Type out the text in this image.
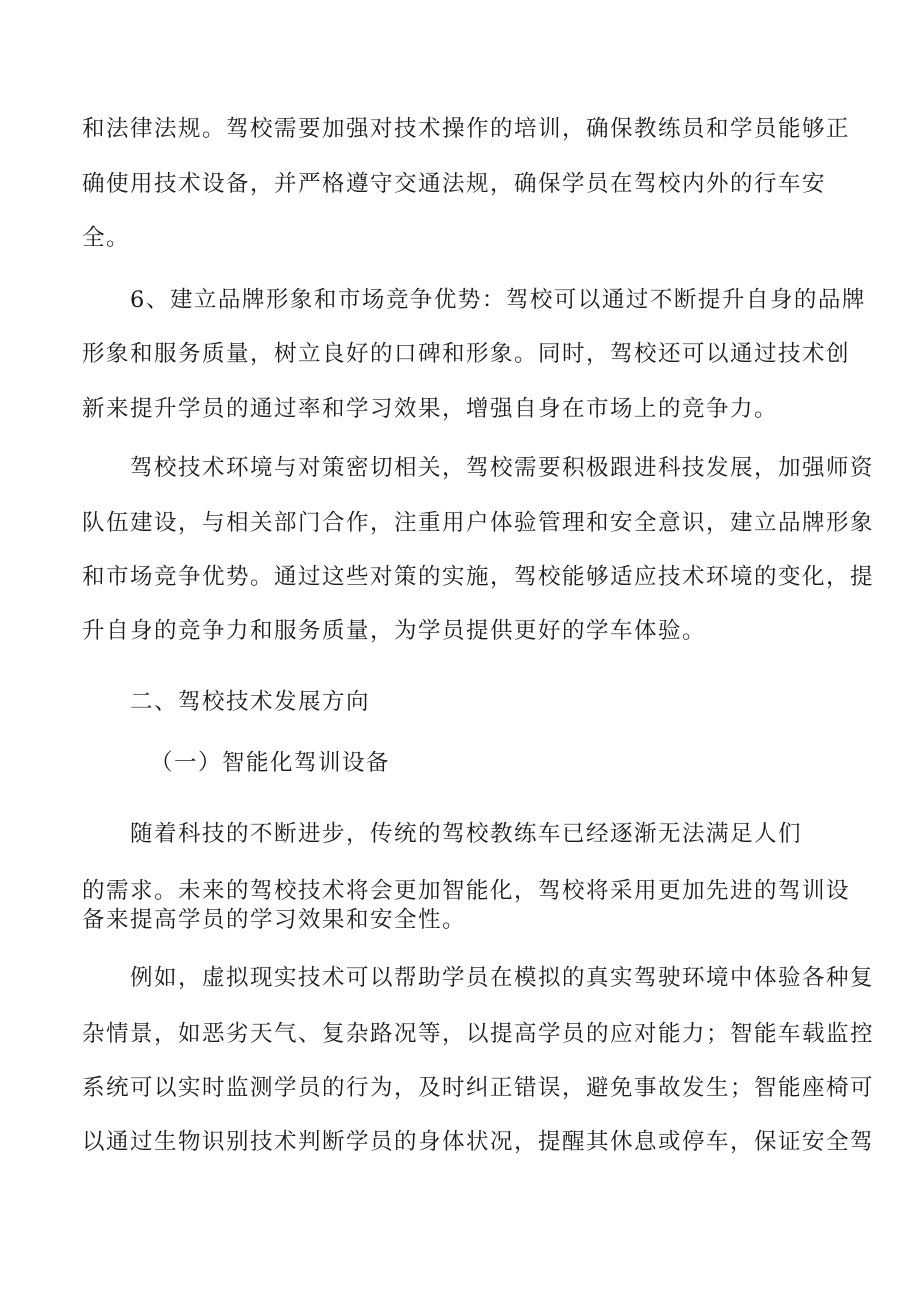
和法律法规。驾校需要加强对技术操作的培训，确保教练员和学员能够正
确使用技术设备，并严格遵守交通法规，确保学员在驾校内外的行车安
全。
6、建立品牌形象和市场竞争优势：驾校可以通过不断提升自身的品牌
形象和服务质量，树立良好的口碑和形象。同时，驾校还可以通过技术创
新来提升学员的通过率和学习效果，增强自身在市场上的竞争力。
驾校技术环境与对策密切相关，驾校需要积极跟进科技发展，加强师资
队伍建设，与相关部门合作，注重用户体验管理和安全意识，建立品牌形象
和市场竞争优势。通过这些对策的实施，驾校能够适应技术环境的变化，提
升自身的竞争力和服务质量，为学员提供更好的学车体验。
二、驾校技术发展方向
（一）智能化驾训设备
随着科技的不断进步，传统的驾校教练车已经逐渐无法满足人们
的需求。未来的驾校技术将会更加智能化，驾校将采用更加先进的驾训设
备来提高学员的学习效果和安全性。
例如，虚拟现实技术可以帮助学员在模拟的真实驾驶环境中体验各种复
杂情景，如恶劣天气、复杂路况等，以提高学员的应对能力；智能车载监控
系统可以实时监测学员的行为，及时纠正错误，避免事故发生；智能座椅可
以通过生物识别技术判断学员的身体状况，提醒其休息或停车，保证安全驾
